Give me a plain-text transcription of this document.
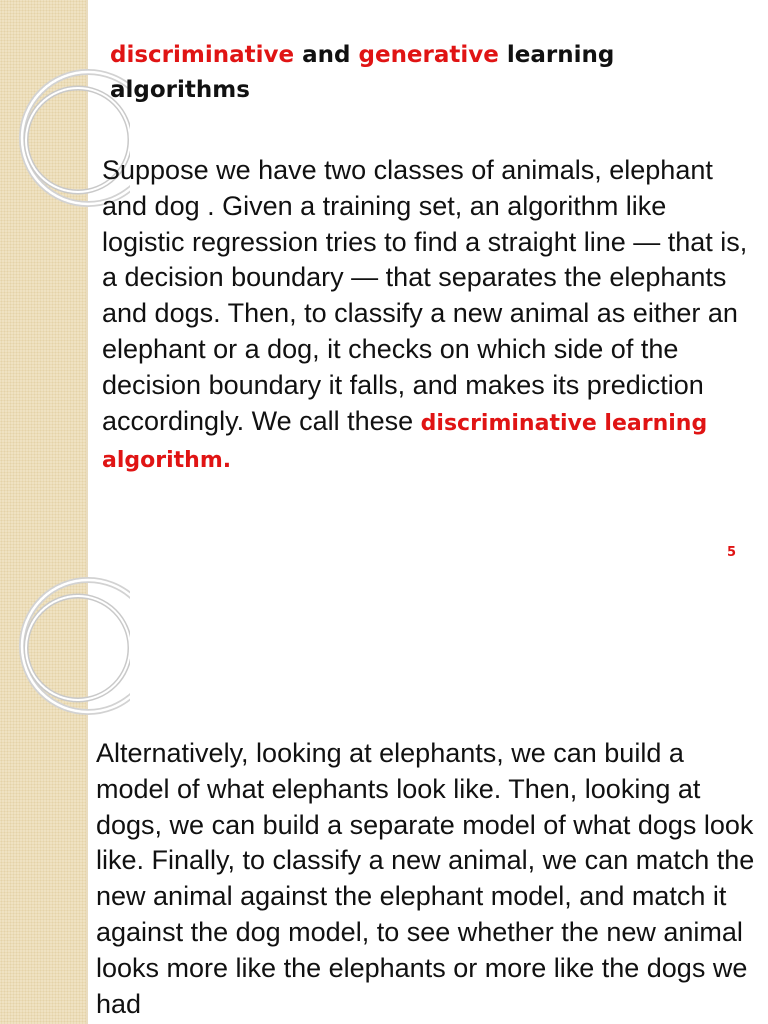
discriminative and generative learning algorithms

Suppose we have two classes of animals, elephant and dog . Given a training set, an algorithm like logistic regression tries to find a straight line — that is, a decision boundary — that separates the elephants and dogs. Then, to classify a new animal as either an elephant or a dog, it checks on which side of the decision boundary it falls, and makes its prediction accordingly. We call these discriminative learning algorithm.

5

Alternatively, looking at elephants, we can build a model of what elephants look like. Then, looking at dogs, we can build a separate model of what dogs look like. Finally, to classify a new animal, we can match the new animal against the elephant model, and match it against the dog model, to see whether the new animal looks more like the elephants or more like the dogs we had
